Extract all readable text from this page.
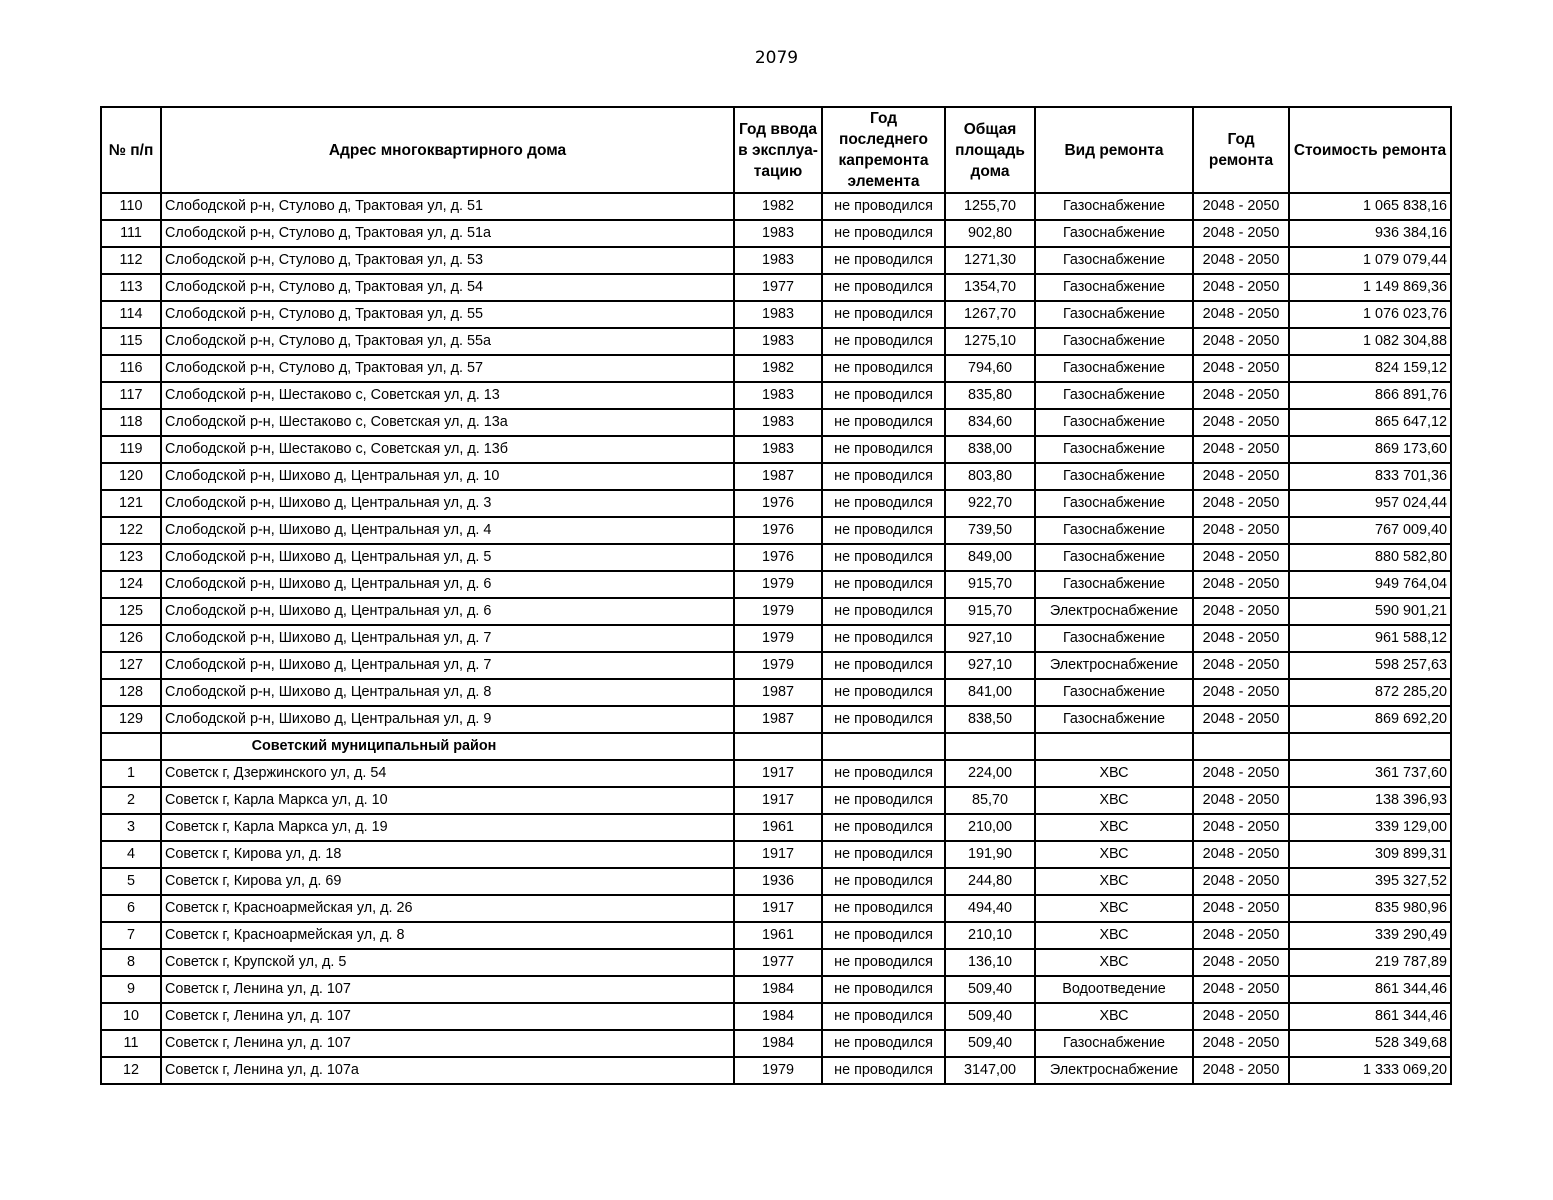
2079
№ п/п	Адрес многоквартирного дома	Год ввода в эксплуа-тацию	Год последнего капремонта элемента	Общая площадь дома	Вид ремонта	Год ремонта	Стоимость ремонта
110	Слободской р-н, Стулово д, Трактовая ул, д. 51	1982	не проводился	1255,70	Газоснабжение	2048 - 2050	1 065 838,16
111	Слободской р-н, Стулово д, Трактовая ул, д. 51а	1983	не проводился	902,80	Газоснабжение	2048 - 2050	936 384,16
112	Слободской р-н, Стулово д, Трактовая ул, д. 53	1983	не проводился	1271,30	Газоснабжение	2048 - 2050	1 079 079,44
113	Слободской р-н, Стулово д, Трактовая ул, д. 54	1977	не проводился	1354,70	Газоснабжение	2048 - 2050	1 149 869,36
114	Слободской р-н, Стулово д, Трактовая ул, д. 55	1983	не проводился	1267,70	Газоснабжение	2048 - 2050	1 076 023,76
115	Слободской р-н, Стулово д, Трактовая ул, д. 55а	1983	не проводился	1275,10	Газоснабжение	2048 - 2050	1 082 304,88
116	Слободской р-н, Стулово д, Трактовая ул, д. 57	1982	не проводился	794,60	Газоснабжение	2048 - 2050	824 159,12
117	Слободской р-н, Шестаково с, Советская ул, д. 13	1983	не проводился	835,80	Газоснабжение	2048 - 2050	866 891,76
118	Слободской р-н, Шестаково с, Советская ул, д. 13а	1983	не проводился	834,60	Газоснабжение	2048 - 2050	865 647,12
119	Слободской р-н, Шестаково с, Советская ул, д. 13б	1983	не проводился	838,00	Газоснабжение	2048 - 2050	869 173,60
120	Слободской р-н, Шихово д, Центральная ул, д. 10	1987	не проводился	803,80	Газоснабжение	2048 - 2050	833 701,36
121	Слободской р-н, Шихово д, Центральная ул, д. 3	1976	не проводился	922,70	Газоснабжение	2048 - 2050	957 024,44
122	Слободской р-н, Шихово д, Центральная ул, д. 4	1976	не проводился	739,50	Газоснабжение	2048 - 2050	767 009,40
123	Слободской р-н, Шихово д, Центральная ул, д. 5	1976	не проводился	849,00	Газоснабжение	2048 - 2050	880 582,80
124	Слободской р-н, Шихово д, Центральная ул, д. 6	1979	не проводился	915,70	Газоснабжение	2048 - 2050	949 764,04
125	Слободской р-н, Шихово д, Центральная ул, д. 6	1979	не проводился	915,70	Электроснабжение	2048 - 2050	590 901,21
126	Слободской р-н, Шихово д, Центральная ул, д. 7	1979	не проводился	927,10	Газоснабжение	2048 - 2050	961 588,12
127	Слободской р-н, Шихово д, Центральная ул, д. 7	1979	не проводился	927,10	Электроснабжение	2048 - 2050	598 257,63
128	Слободской р-н, Шихово д, Центральная ул, д. 8	1987	не проводился	841,00	Газоснабжение	2048 - 2050	872 285,20
129	Слободской р-н, Шихово д, Центральная ул, д. 9	1987	не проводился	838,50	Газоснабжение	2048 - 2050	869 692,20
	Советский муниципальный район						
1	Советск г, Дзержинского ул, д. 54	1917	не проводился	224,00	ХВС	2048 - 2050	361 737,60
2	Советск г, Карла Маркса ул, д. 10	1917	не проводился	85,70	ХВС	2048 - 2050	138 396,93
3	Советск г, Карла Маркса ул, д. 19	1961	не проводился	210,00	ХВС	2048 - 2050	339 129,00
4	Советск г, Кирова ул, д. 18	1917	не проводился	191,90	ХВС	2048 - 2050	309 899,31
5	Советск г, Кирова ул, д. 69	1936	не проводился	244,80	ХВС	2048 - 2050	395 327,52
6	Советск г, Красноармейская ул, д. 26	1917	не проводился	494,40	ХВС	2048 - 2050	835 980,96
7	Советск г, Красноармейская ул, д. 8	1961	не проводился	210,10	ХВС	2048 - 2050	339 290,49
8	Советск г, Крупской ул, д. 5	1977	не проводился	136,10	ХВС	2048 - 2050	219 787,89
9	Советск г, Ленина ул, д. 107	1984	не проводился	509,40	Водоотведение	2048 - 2050	861 344,46
10	Советск г, Ленина ул, д. 107	1984	не проводился	509,40	ХВС	2048 - 2050	861 344,46
11	Советск г, Ленина ул, д. 107	1984	не проводился	509,40	Газоснабжение	2048 - 2050	528 349,68
12	Советск г, Ленина ул, д. 107а	1979	не проводился	3147,00	Электроснабжение	2048 - 2050	1 333 069,20
